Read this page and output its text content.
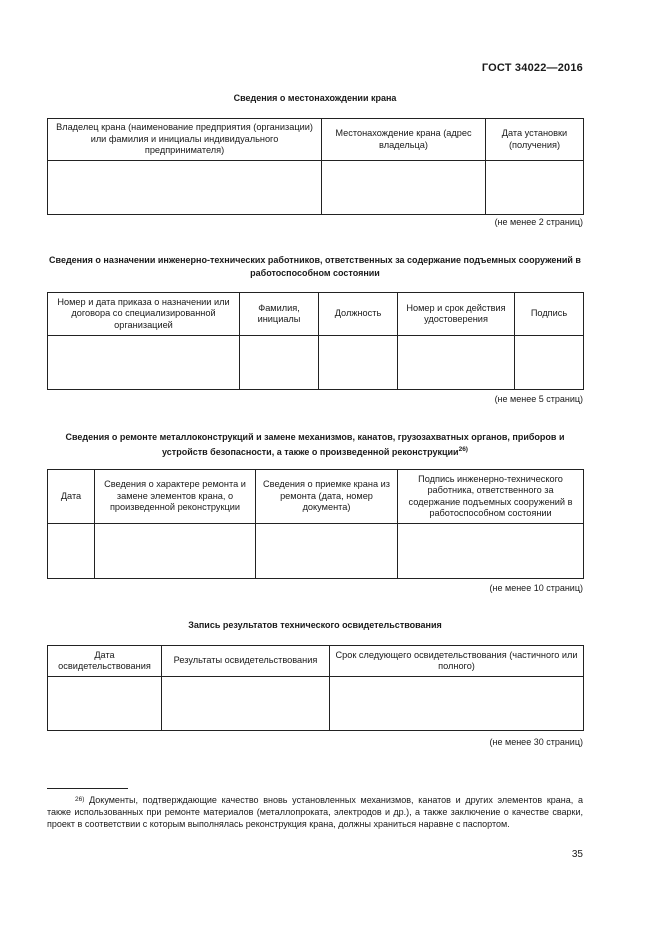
ГОСТ 34022—2016
Сведения о местонахождении крана
Владелец крана (наименование предприятия (организации) или фамилия и инициалы индивидуального предпринимателя)	Местонахождение крана (адрес владельца)	Дата установки (получения)

(не менее 2 страниц)
Сведения о назначении инженерно-технических работников, ответственных за содержание подъемных сооружений в работоспособном состоянии
Номер и дата приказа о назначении или договора со специализированной организацией	Фамилия, инициалы	Должность	Номер и срок действия удостоверения	Подпись

(не менее 5 страниц)
Сведения о ремонте металлоконструкций и замене механизмов, канатов, грузозахватных органов, приборов и устройств безопасности, а также о произведенной реконструкции$^{26)}$
Дата	Сведения о характере ремонта и замене элементов крана, о произведенной реконструкции	Сведения о приемке крана из ремонта (дата, номер документа)	Подпись инженерно-технического работника, ответственного за содержание подъемных сооружений в работоспособном состоянии

(не менее 10 страниц)
Запись результатов технического освидетельствования
Дата освидетельствования	Результаты освидетельствования	Срок следующего освидетельствования (частичного или полного)

(не менее 30 страниц)
$^{26)}$ Документы, подтверждающие качество вновь установленных механизмов, канатов и других элементов крана, а также использованных при ремонте материалов (металлопроката, электродов и др.), а также заключение о качестве сварки, проект в соответствии с которым выполнялась реконструкция крана, должны храниться наравне с паспортом.
35
